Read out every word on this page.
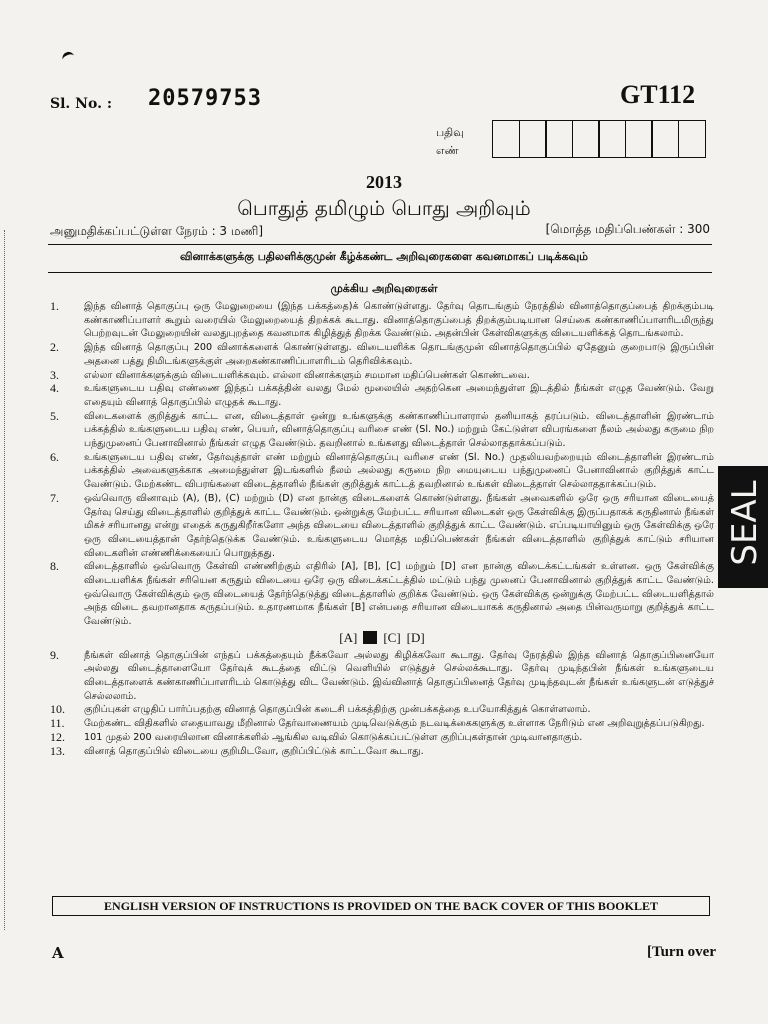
Sl. No. : 20579753	GT112
பதிவு
எண்
2013
பொதுத் தமிழும் பொது அறிவும்
அனுமதிக்கப்பட்டுள்ள நேரம் : 3 மணி]	[மொத்த மதிப்பெண்கள் : 300
வினாக்களுக்கு பதிலளிக்குமுன் கீழ்க்கண்ட அறிவுரைகளை கவனமாகப் படிக்கவும்
முக்கிய அறிவுரைகள்
1.	இந்த வினாத் தொகுப்பு ஒரு மேலுறையை (இந்த பக்கத்தை)க் கொண்டுள்ளது. தேர்வு தொடங்கும் நேரத்தில் வினாத்தொகுப்பைத் திறக்கும்படி கண்காணிப்பாளர் கூறும் வரையில் மேலுறையைத் திறக்கக் கூடாது. வினாத்தொகுப்பைத் திறக்கும்படியான செய்கை கண்காணிப்பாளரிடமிருந்து பெற்றவுடன் மேலுறையின் வலதுபுறத்தை கவனமாக கிழித்துத் திறக்க வேண்டும். அதன்பின் கேள்விகளுக்கு விடையளிக்கத் தொடங்கலாம்.
2.	இந்த வினாத் தொகுப்பு 200 வினாக்களைக் கொண்டுள்ளது. விடையளிக்க தொடங்குமுன் வினாத்தொகுப்பில் ஏதேனும் குறைபாடு இருப்பின் அதனை பத்து நிமிடங்களுக்குள் அறைகண்காணிப்பாளரிடம் தெரிவிக்கவும்.
3.	எல்லா வினாக்களுக்கும் விடையளிக்கவும். எல்லா வினாக்களும் சமமான மதிப்பெண்கள் கொண்டவை.
4.	உங்களுடைய பதிவு எண்ணை இந்தப் பக்கத்தின் வலது மேல் மூலையில் அதற்கென அமைந்துள்ள இடத்தில் நீங்கள் எழுத வேண்டும். வேறு எதையும் வினாத் தொகுப்பில் எழுதக் கூடாது.
5.	விடைகளைக் குறித்துக் காட்ட என, விடைத்தாள் ஒன்று உங்களுக்கு கண்காணிப்பாளரால் தனியாகத் தரப்படும். விடைத்தாளின் இரண்டாம் பக்கத்தில் உங்களுடைய பதிவு எண், பெயர், வினாத்தொகுப்பு வரிசை எண் (Sl. No.) மற்றும் கேட்டுள்ள விபரங்களை நீலம் அல்லது கருமை நிற பந்துமுனைப் பேனாவினால் நீங்கள் எழுத வேண்டும். தவறினால் உங்களது விடைத்தாள் செல்லாததாக்கப்படும்.
6.	உங்களுடைய பதிவு எண், தேர்வுத்தாள் எண் மற்றும் வினாத்தொகுப்பு வரிசை எண் (Sl. No.) முதலியவற்றையும் விடைத்தாளின் இரண்டாம் பக்கத்தில் அவைகளுக்காக அமைந்துள்ள இடங்களில் நீலம் அல்லது கருமை நிற மையுடைய பந்துமுனைப் பேனாவினால் குறித்துக் காட்ட வேண்டும். மேற்கண்ட விபரங்களை விடைத்தாளில் நீங்கள் குறித்துக் காட்டத் தவறினால் உங்கள் விடைத்தாள் செல்லாததாக்கப்படும்.
7.	ஒவ்வொரு வினாவும் (A), (B), (C) மற்றும் (D) என நான்கு விடைகளைக் கொண்டுள்ளது. நீங்கள் அவைகளில் ஒரே ஒரு சரியான விடையைத் தேர்வு செய்து விடைத்தாளில் குறித்துக் காட்ட வேண்டும். ஒன்றுக்கு மேற்பட்ட சரியான விடைகள் ஒரு கேள்விக்கு இருப்பதாகக் கருதினால் நீங்கள் மிகச் சரியானது என்று எதைக் கருதுகிறீர்களோ அந்த விடையை விடைத்தாளில் குறித்துக் காட்ட வேண்டும். எப்படியாயினும் ஒரு கேள்விக்கு ஒரே ஒரு விடையைத்தான் தேர்ந்தெடுக்க வேண்டும். உங்களுடைய மொத்த மதிப்பெண்கள் நீங்கள் விடைத்தாளில் குறித்துக் காட்டும் சரியான விடைகளின் எண்ணிக்கையைப் பொறுத்தது.
8.	விடைத்தாளில் ஒவ்வொரு கேள்வி எண்ணிற்கும் எதிரில் [A], [B], [C] மற்றும் [D] என நான்கு விடைக்கட்டங்கள் உள்ளன. ஒரு கேள்விக்கு விடையளிக்க நீங்கள் சரியென கருதும் விடையை ஒரே ஒரு விடைக்கட்டத்தில் மட்டும் பந்து முனைப் பேனாவினால் குறித்துக் காட்ட வேண்டும். ஒவ்வொரு கேள்விக்கும் ஒரு விடையைத் தேர்ந்தெடுத்து விடைத்தாளில் குறிக்க வேண்டும். ஒரு கேள்விக்கு ஒன்றுக்கு மேற்பட்ட விடையளித்தால் அந்த விடை தவறானதாக கருதப்படும். உதாரணமாக நீங்கள் [B] என்பதை சரியான விடையாகக் கருதினால் அதை பின்வருமாறு குறித்துக் காட்ட வேண்டும்.
[A] [C] [D]
9.	நீங்கள் வினாத் தொகுப்பின் எந்தப் பக்கத்தையும் நீக்கவோ அல்லது கிழிக்கவோ கூடாது. தேர்வு நேரத்தில் இந்த வினாத் தொகுப்பினையோ அல்லது விடைத்தாளையோ தேர்வுக் கூடத்தை விட்டு வெளியில் எடுத்துச் செல்லக்கூடாது. தேர்வு முடிந்தபின் நீங்கள் உங்களுடைய விடைத்தாளைக் கண்காணிப்பாளரிடம் கொடுத்து விட வேண்டும். இவ்வினாத் தொகுப்பினைத் தேர்வு முடிந்தவுடன் நீங்கள் உங்களுடன் எடுத்துச் செல்லலாம்.
10.	குறிப்புகள் எழுதிப் பார்ப்பதற்கு வினாத் தொகுப்பின் கடைசி பக்கத்திற்கு முன்பக்கத்தை உபயோகித்துக் கொள்ளலாம்.
11.	மேற்கண்ட விதிகளில் எதையாவது மீறினால் தேர்வாணையம் முடிவெடுக்கும் நடவடிக்கைகளுக்கு உள்ளாக நேரிடும் என அறிவுறுத்தப்படுகிறது.
12.	101 முதல் 200 வரையிலான வினாக்களில் ஆங்கில வடிவில் கொடுக்கப்பட்டுள்ள குறிப்புகள்தான் முடிவானதாகும்.
13.	வினாத் தொகுப்பில் விடையை குறிமிடவோ, குறிப்பிட்டுக் காட்டவோ கூடாது.
ENGLISH VERSION OF INSTRUCTIONS IS PROVIDED ON THE BACK COVER OF THIS BOOKLET
A	[Turn over
SEAL
